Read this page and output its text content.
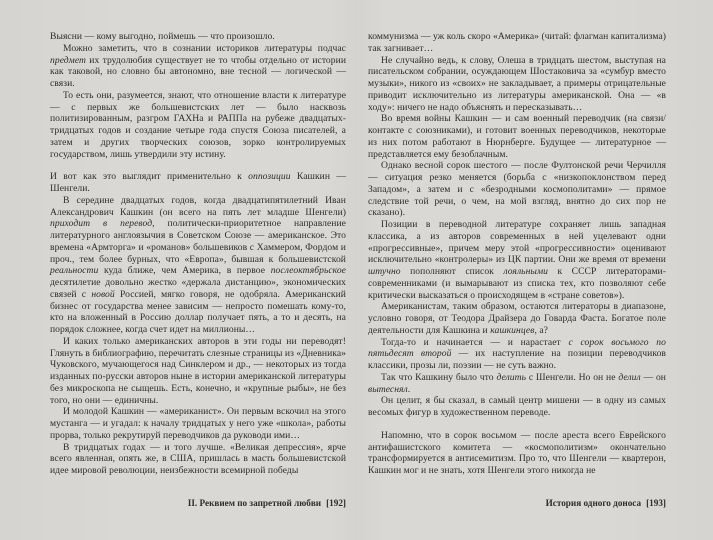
Выясни — кому выгодно, поймешь — что произошло.

Можно заметить, что в сознании историков литературы подчас предмет их трудолюбия существует не то чтобы отдельно от истории как таковой, но словно бы автономно, вне тесной — логической — связи.

То есть они, разумеется, знают, что отношение власти к литературе — с первых же большевистских лет — было насквозь политизированным, разгром ГАХНа и РАППа на рубеже двадцатых-тридцатых годов и создание четыре года спустя Союза писателей, а затем и других творческих союзов, зорко контролируемых государством, лишь утвердили эту истину.

И вот как это выглядит применительно к оппозиции Кашкин — Шенгели.

В середине двадцатых годов, когда двадцатипятилетний Иван Александрович Кашкин (он всего на пять лет младше Шенгели) приходит в перевод, политически-приоритетное направление литературного англоязычия в Советском Союзе — американское. Это времена «Армторга» и «романов» большевиков с Хаммером, Фордом и проч., тем более бурных, что «Европа», бывшая к большевистской реальности куда ближе, чем Америка, в первое послеоктябрьское десятилетие довольно жестко «держала дистанцию», экономических связей с новой Россией, мягко говоря, не одобряла. Американский бизнес от государства менее зависим — непросто помешать кому-то, кто на вложенный в Россию доллар получает пять, а то и десять, на порядок сложнее, когда счет идет на миллионы…

И каких только американских авторов в эти годы ни переводят! Глянуть в библиографию, перечитать слезные страницы из «Дневника» Чуковского, мучающегося над Синклером и др., — некоторых из тогда изданных по-русски авторов ныне в истории американской литературы без микроскопа не сыщешь. Есть, конечно, и «крупные рыбы», не без того, но они — единичны.

И молодой Кашкин — «американист». Он первым вскочил на этого мустанга — и угадал: к началу тридцатых у него уже «школа», работы прорва, только рекрутируй переводчиков да руководи ими…

В тридцатых годах — и того лучше. «Великая депрессия», ярче всего явленная, опять же, в США, пришлась в масть большевистской идее мировой революции, неизбежности всемирной победы

II. Реквием по запретной любви [192]

коммунизма — уж коль скоро «Америка» (читай: флагман капитализма) так загнивает…

Не случайно ведь, к слову, Олеша в тридцать шестом, выступая на писательском собрании, осуждающем Шостаковича за «сумбур вместо музыки», никого из «своих» не закладывает, а примеры отрицательные приводит исключительно из литературы американской. Она — «в ходу»: ничего не надо объяснять и пересказывать…

Во время войны Кашкин — и сам военный переводчик (на связи/контакте с союзниками), и готовит военных переводчиков, некоторые из них потом работают в Нюрнберге. Будущее — литературное — представляется ему безоблачным.

Однако весной сорок шестого — после Фултонской речи Черчилля — ситуация резко меняется (борьба с «низкопоклонством перед Западом», а затем и с «безродными космополитами» — прямое следствие той речи, о чем, на мой взгляд, внятно до сих пор не сказано).

Позиции в переводной литературе сохраняет лишь западная классика, а из авторов современных в ней уцелевают одни «прогрессивные», причем меру этой «прогрессивности» оценивают исключительно «контролеры» из ЦК партии. Они же время от времени штучно пополняют список лояльными к СССР литераторами-современниками (и вымарывают из списка тех, кто позволяют себе критически высказаться о происходящем в «стране советов»).

Американистам, таким образом, остаются литераторы в диапазоне, условно говоря, от Теодора Драйзера до Говарда Фаста. Богатое поле деятельности для Кашкина и кашкинцев, а?

Тогда-то и начинается — и нарастает с сорок восьмого по пятьдесят второй — их наступление на позиции переводчиков классики, прозы ли, поэзии — не суть важно.

Так что Кашкину было что делить с Шенгели. Но он не делил — он вытеснял.

Он целит, я бы сказал, в самый центр мишени — в одну из самых весомых фигур в художественном переводе.

Напомню, что в сорок восьмом — после ареста всего Еврейского антифашистского комитета — «космополитизм» окончательно трансформируется в антисемитизм. Про то, что Шенгели — квартерон, Кашкин мог и не знать, хотя Шенгели этого никогда не

История одного доноса [193]
